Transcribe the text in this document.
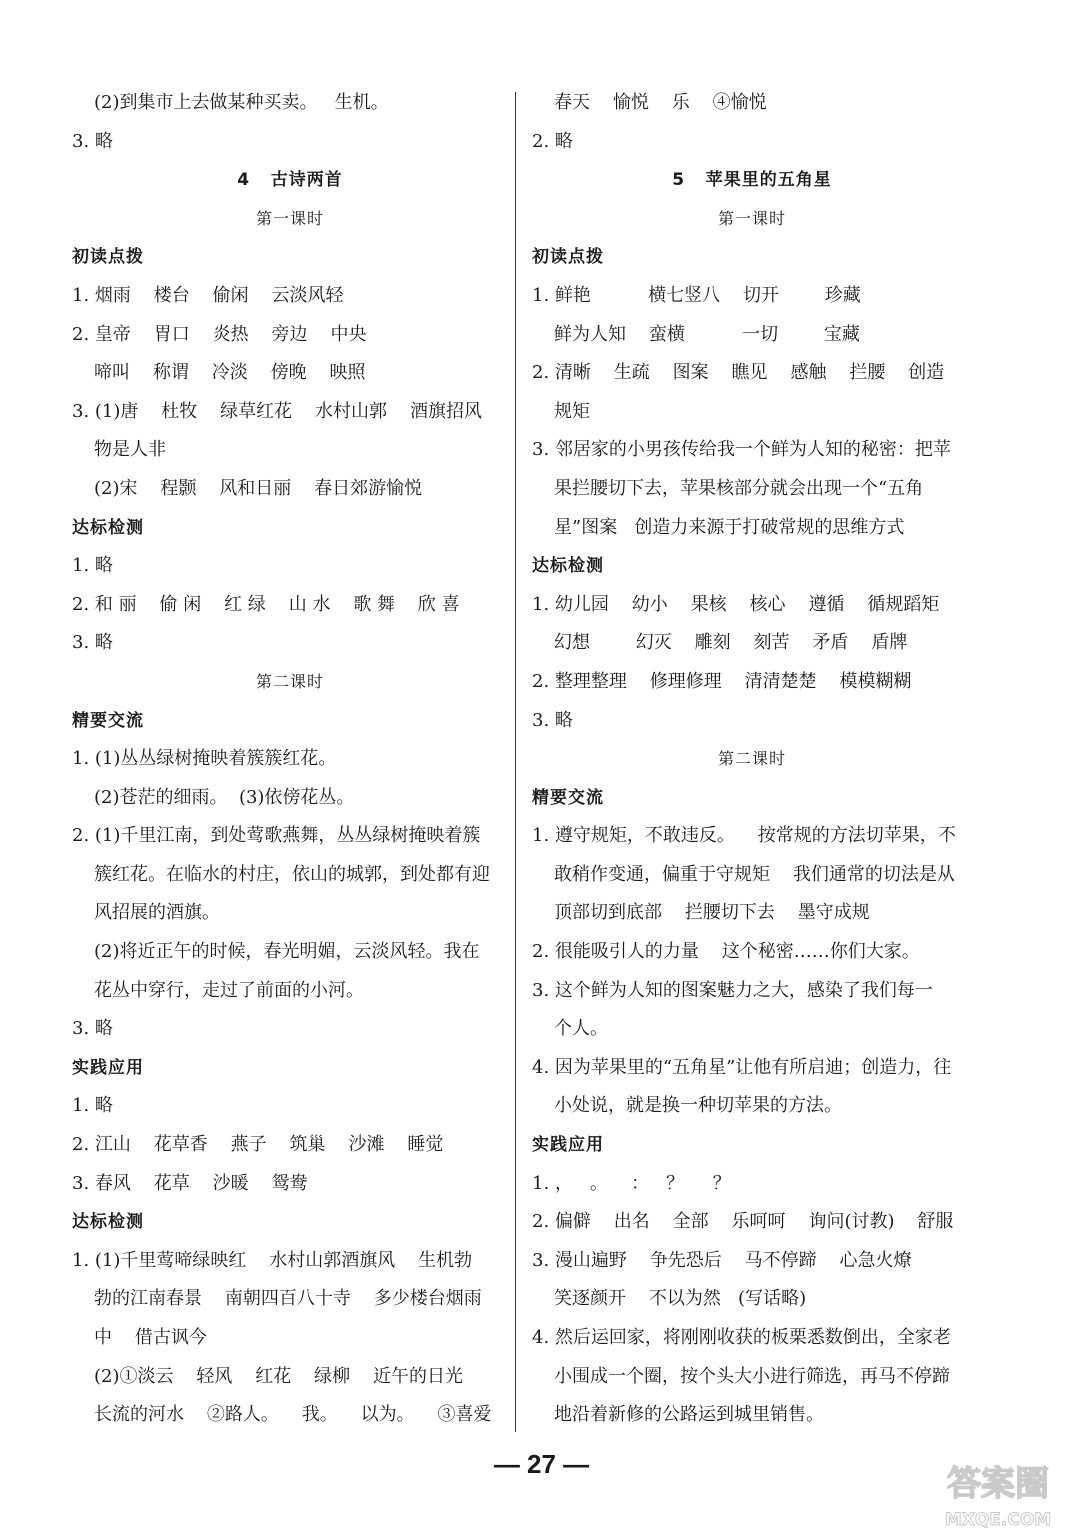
(2)到集市上去做某种买卖。   生机。
3. 略
4   古诗两首
第一课时
初读点拨
1. 烟雨    楼台    偷闲    云淡风轻
2. 皇帝    胃口    炎热    旁边    中央
啼叫    称谓    冷淡    傍晚    映照
3. (1)唐    杜牧    绿草红花    水村山郭    酒旗招风
物是人非
(2)宋    程颢    风和日丽    春日郊游愉悦
达标检测
1. 略
2. 和 丽    偷 闲    红 绿    山 水    歌 舞    欣 喜
3. 略
第二课时
精要交流
1. (1)丛丛绿树掩映着簇簇红花。
(2)苍茫的细雨。  (3)依傍花丛。
2. (1)千里江南，到处莺歌燕舞，丛丛绿树掩映着簇
簇红花。在临水的村庄，依山的城郭，到处都有迎
风招展的酒旗。
(2)将近正午的时候，春光明媚，云淡风轻。我在
花丛中穿行，走过了前面的小河。
3. 略
实践应用
1. 略
2. 江山    花草香    燕子    筑巢    沙滩    睡觉
3. 春风    花草    沙暖    鸳鸯
达标检测
1. (1)千里莺啼绿映红    水村山郭酒旗风    生机勃
勃的江南春景    南朝四百八十寺    多少楼台烟雨
中    借古讽今
(2)①淡云    轻风    红花    绿柳    近午的日光
长流的河水    ②路人。    我。    以为。    ③喜爱
春天    愉悦    乐    ④愉悦
2. 略
5   苹果里的五角星
第一课时
初读点拨
1. 鲜艳          横七竖八    切开        珍藏
鲜为人知    蛮横          一切        宝藏
2. 清晰    生疏    图案    瞧见    感触    拦腰    创造
规矩
3. 邻居家的小男孩传给我一个鲜为人知的秘密：把苹
果拦腰切下去，苹果核部分就会出现一个“五角
星”图案   创造力来源于打破常规的思维方式
达标检测
1. 幼儿园    幼小    果核    核心    遵循    循规蹈矩
幻想        幻灭    雕刻    刻苦    矛盾    盾牌
2. 整理整理    修理修理    清清楚楚    模模糊糊
3. 略
第二课时
精要交流
1. 遵守规矩，不敢违反。    按常规的方法切苹果，不
敢稍作变通，偏重于守规矩    我们通常的切法是从
顶部切到底部    拦腰切下去    墨守成规
2. 很能吸引人的力量    这个秘密……你们大家。
3. 这个鲜为人知的图案魅力之大，感染了我们每一
个人。
4. 因为苹果里的“五角星”让他有所启迪；创造力，往
小处说，就是换一种切苹果的方法。
实践应用
1. ，   。    ：   ？     ？
2. 偏僻    出名    全部    乐呵呵    询问(讨教)    舒服
3. 漫山遍野    争先恐后    马不停蹄    心急火燎
笑逐颜开    不以为然   (写话略)
4. 然后运回家，将刚刚收获的板栗悉数倒出，全家老
小围成一个圈，按个头大小进行筛选，再马不停蹄
地沿着新修的公路运到城里销售。
— 27 —	答案圈
MXQE.COM
